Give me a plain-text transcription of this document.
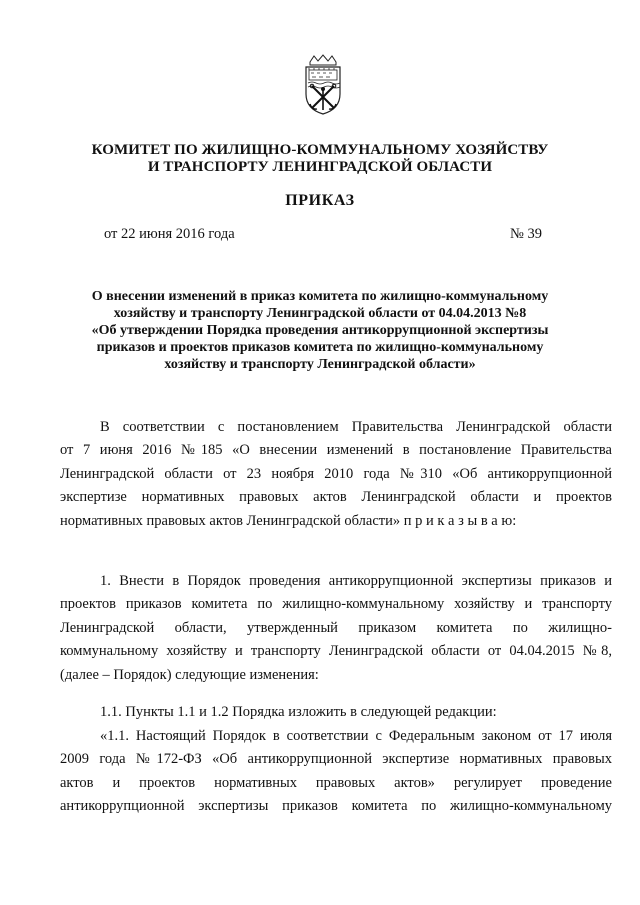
КОМИТЕТ ПО ЖИЛИЩНО-КОММУНАЛЬНОМУ ХОЗЯЙСТВУ
И ТРАНСПОРТУ ЛЕНИНГРАДСКОЙ ОБЛАСТИ
ПРИКАЗ
от 22 июня 2016 года	№ 39
О внесении изменений в приказ комитета по жилищно-коммунальному
хозяйству и транспорту Ленинградской области от 04.04.2013 №8
«Об утверждении Порядка проведения антикоррупционной экспертизы
приказов и проектов приказов комитета по жилищно-коммунальному
хозяйству и транспорту Ленинградской области»
В соответствии с постановлением Правительства Ленинградской области
от 7 июня 2016 №185 «О внесении изменений в постановление Правительства
Ленинградской области от 23 ноября 2010 года №310 «Об антикоррупционной
экспертизе нормативных правовых актов Ленинградской области и проектов
нормативных правовых актов Ленинградской области» п р и к а з ы в а ю:
1. Внести в Порядок проведения антикоррупционной экспертизы приказов и
проектов приказов комитета по жилищно-коммунальному хозяйству и транспорту
Ленинградской области, утвержденный приказом комитета по жилищно-
коммунальному хозяйству и транспорту Ленинградской области от 04.04.2015 №8,
(далее – Порядок) следующие изменения:
1.1. Пункты 1.1 и 1.2 Порядка изложить в следующей редакции:
«1.1. Настоящий Порядок в соответствии с Федеральным законом от 17 июля
2009 года №172-ФЗ «Об антикоррупционной экспертизе нормативных правовых
актов и проектов нормативных правовых актов» регулирует проведение
антикоррупционной экспертизы приказов комитета по жилищно-коммунальному
